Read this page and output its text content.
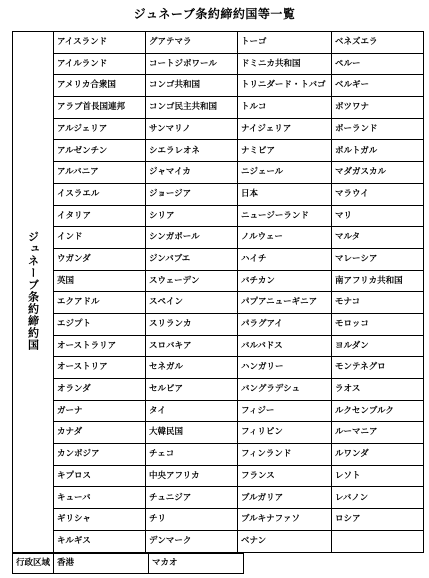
ジュネーブ条約締約国等一覧
ジュネーブ条約締約国	アイスランド	グアテマラ	トーゴ	ベネズエラ
	アイルランド	コートジボワール	ドミニカ共和国	ペルー
	アメリカ合衆国	コンゴ共和国	トリニダード・トバゴ	ベルギー
	アラブ首長国連邦	コンゴ民主共和国	トルコ	ボツワナ
	アルジェリア	サンマリノ	ナイジェリア	ポーランド
	アルゼンチン	シエラレオネ	ナミビア	ポルトガル
	アルバニア	ジャマイカ	ニジェール	マダガスカル
	イスラエル	ジョージア	日本	マラウイ
	イタリア	シリア	ニュージーランド	マリ
	インド	シンガポール	ノルウェー	マルタ
	ウガンダ	ジンバブエ	ハイチ	マレーシア
	英国	スウェーデン	バチカン	南アフリカ共和国
	エクアドル	スペイン	パプアニューギニア	モナコ
	エジプト	スリランカ	パラグアイ	モロッコ
	オーストラリア	スロバキア	バルバドス	ヨルダン
	オーストリア	セネガル	ハンガリー	モンテネグロ
	オランダ	セルビア	バングラデシュ	ラオス
	ガーナ	タイ	フィジー	ルクセンブルク
	カナダ	大韓民国	フィリピン	ルーマニア
	カンボジア	チェコ	フィンランド	ルワンダ
	キプロス	中央アフリカ	フランス	レソト
	キューバ	チュニジア	ブルガリア	レバノン
	ギリシャ	チリ	ブルキナファソ	ロシア
	キルギス	デンマーク	ベナン	
行政区域	香港	マカオ
